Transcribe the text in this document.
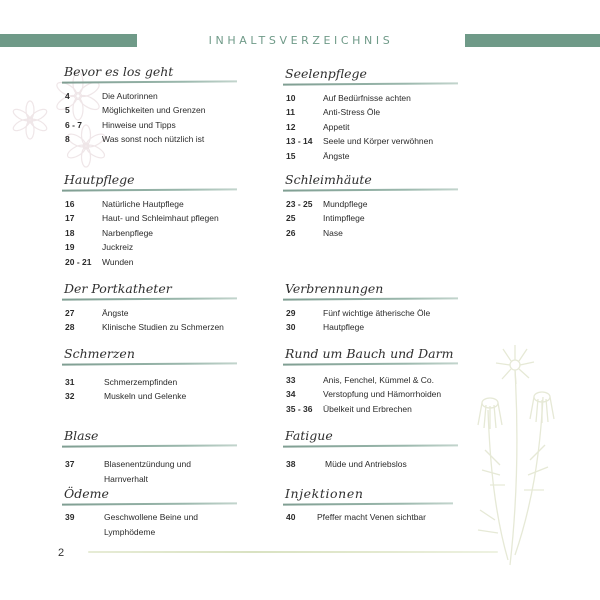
INHALTSVERZEICHNIS
Bevor es los geht
4	Die Autorinnen
5	Möglichkeiten und Grenzen
6 - 7	Hinweise und Tipps
8	Was sonst noch nützlich ist
Hautpflege
16	Natürliche Hautpflege
17	Haut- und Schleimhaut pflegen
18	Narbenpflege
19	Juckreiz
20 - 21	Wunden
Der Portkatheter
27	Ängste
28	Klinische Studien zu Schmerzen
Schmerzen
31	Schmerzempfinden
32	Muskeln und Gelenke
Blase
37	Blasenentzündung und
Harnverhalt
Ödeme
39	Geschwollene Beine und
Lymphödeme
Seelenpflege
10	Auf Bedürfnisse achten
11	Anti-Stress Öle
12	Appetit
13 - 14	Seele und Körper verwöhnen
15	Ängste
Schleimhäute
23 - 25	Mundpflege
25	Intimpflege
26	Nase
Verbrennungen
29	Fünf wichtige ätherische Öle
30	Hautpflege
Rund um Bauch und Darm
33	Anis, Fenchel, Kümmel & Co.
34	Verstopfung und Hämorrhoiden
35 - 36	Übelkeit und Erbrechen
Fatigue
38	Müde und Antriebslos
Injektionen
40	Pfeffer macht Venen sichtbar
2
